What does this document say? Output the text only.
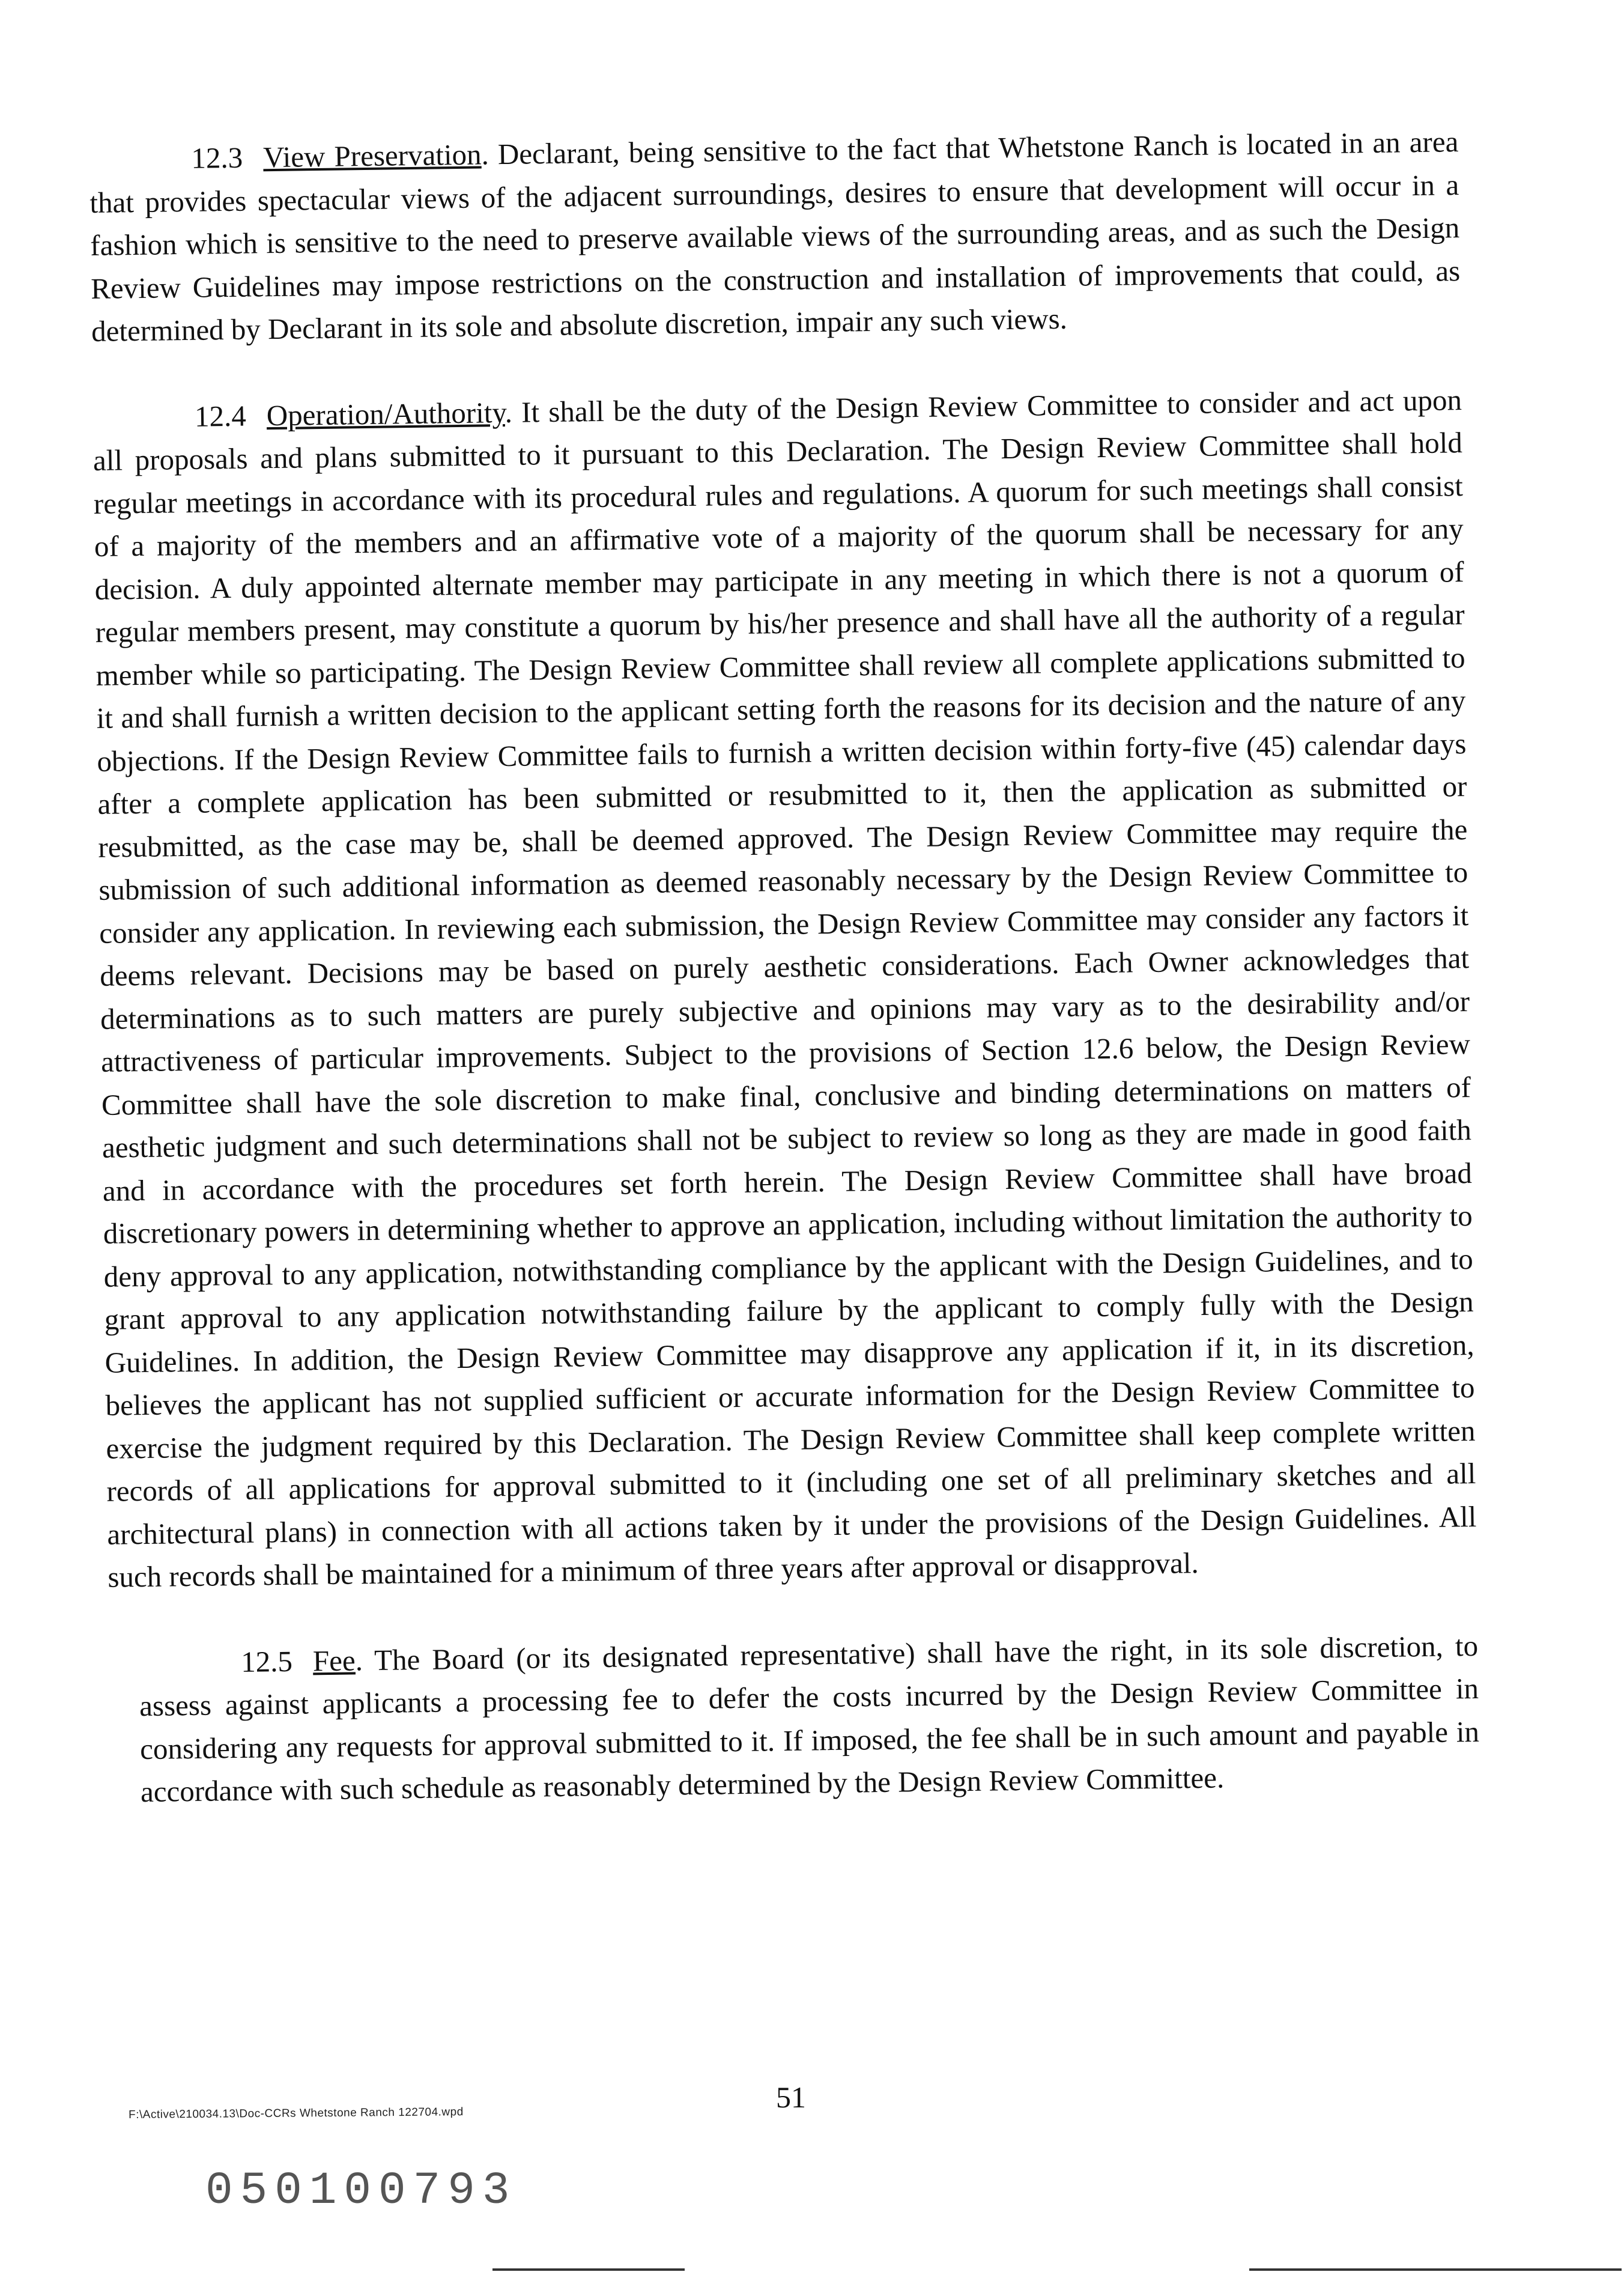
12.3 View Preservation. Declarant, being sensitive to the fact that Whetstone Ranch is located in an area that provides spectacular views of the adjacent surroundings, desires to ensure that development will occur in a fashion which is sensitive to the need to preserve available views of the surrounding areas, and as such the Design Review Guidelines may impose restrictions on the construction and installation of improvements that could, as determined by Declarant in its sole and absolute discretion, impair any such views.

12.4 Operation/Authority. It shall be the duty of the Design Review Committee to consider and act upon all proposals and plans submitted to it pursuant to this Declaration. The Design Review Committee shall hold regular meetings in accordance with its procedural rules and regulations. A quorum for such meetings shall consist of a majority of the members and an affirmative vote of a majority of the quorum shall be necessary for any decision. A duly appointed alternate member may participate in any meeting in which there is not a quorum of regular members present, may constitute a quorum by his/her presence and shall have all the authority of a regular member while so participating. The Design Review Committee shall review all complete applications submitted to it and shall furnish a written decision to the applicant setting forth the reasons for its decision and the nature of any objections. If the Design Review Committee fails to furnish a written decision within forty-five (45) calendar days after a complete application has been submitted or resubmitted to it, then the application as submitted or resubmitted, as the case may be, shall be deemed approved. The Design Review Committee may require the submission of such additional information as deemed reasonably necessary by the Design Review Committee to consider any application. In reviewing each submission, the Design Review Committee may consider any factors it deems relevant. Decisions may be based on purely aesthetic considerations. Each Owner acknowledges that determinations as to such matters are purely subjective and opinions may vary as to the desirability and/or attractiveness of particular improvements. Subject to the provisions of Section 12.6 below, the Design Review Committee shall have the sole discretion to make final, conclusive and binding determinations on matters of aesthetic judgment and such determinations shall not be subject to review so long as they are made in good faith and in accordance with the procedures set forth herein. The Design Review Committee shall have broad discretionary powers in determining whether to approve an application, including without limitation the authority to deny approval to any application, notwithstanding compliance by the applicant with the Design Guidelines, and to grant approval to any application notwithstanding failure by the applicant to comply fully with the Design Guidelines. In addition, the Design Review Committee may disapprove any application if it, in its discretion, believes the applicant has not supplied sufficient or accurate information for the Design Review Committee to exercise the judgment required by this Declaration. The Design Review Committee shall keep complete written records of all applications for approval submitted to it (including one set of all preliminary sketches and all architectural plans) in connection with all actions taken by it under the provisions of the Design Guidelines. All such records shall be maintained for a minimum of three years after approval or disapproval.

12.5 Fee. The Board (or its designated representative) shall have the right, in its sole discretion, to assess against applicants a processing fee to defer the costs incurred by the Design Review Committee in considering any requests for approval submitted to it. If imposed, the fee shall be in such amount and payable in accordance with such schedule as reasonably determined by the Design Review Committee.

F:\Active\210034.13\Doc-CCRs Whetstone Ranch 122704.wpd	51
050100793
